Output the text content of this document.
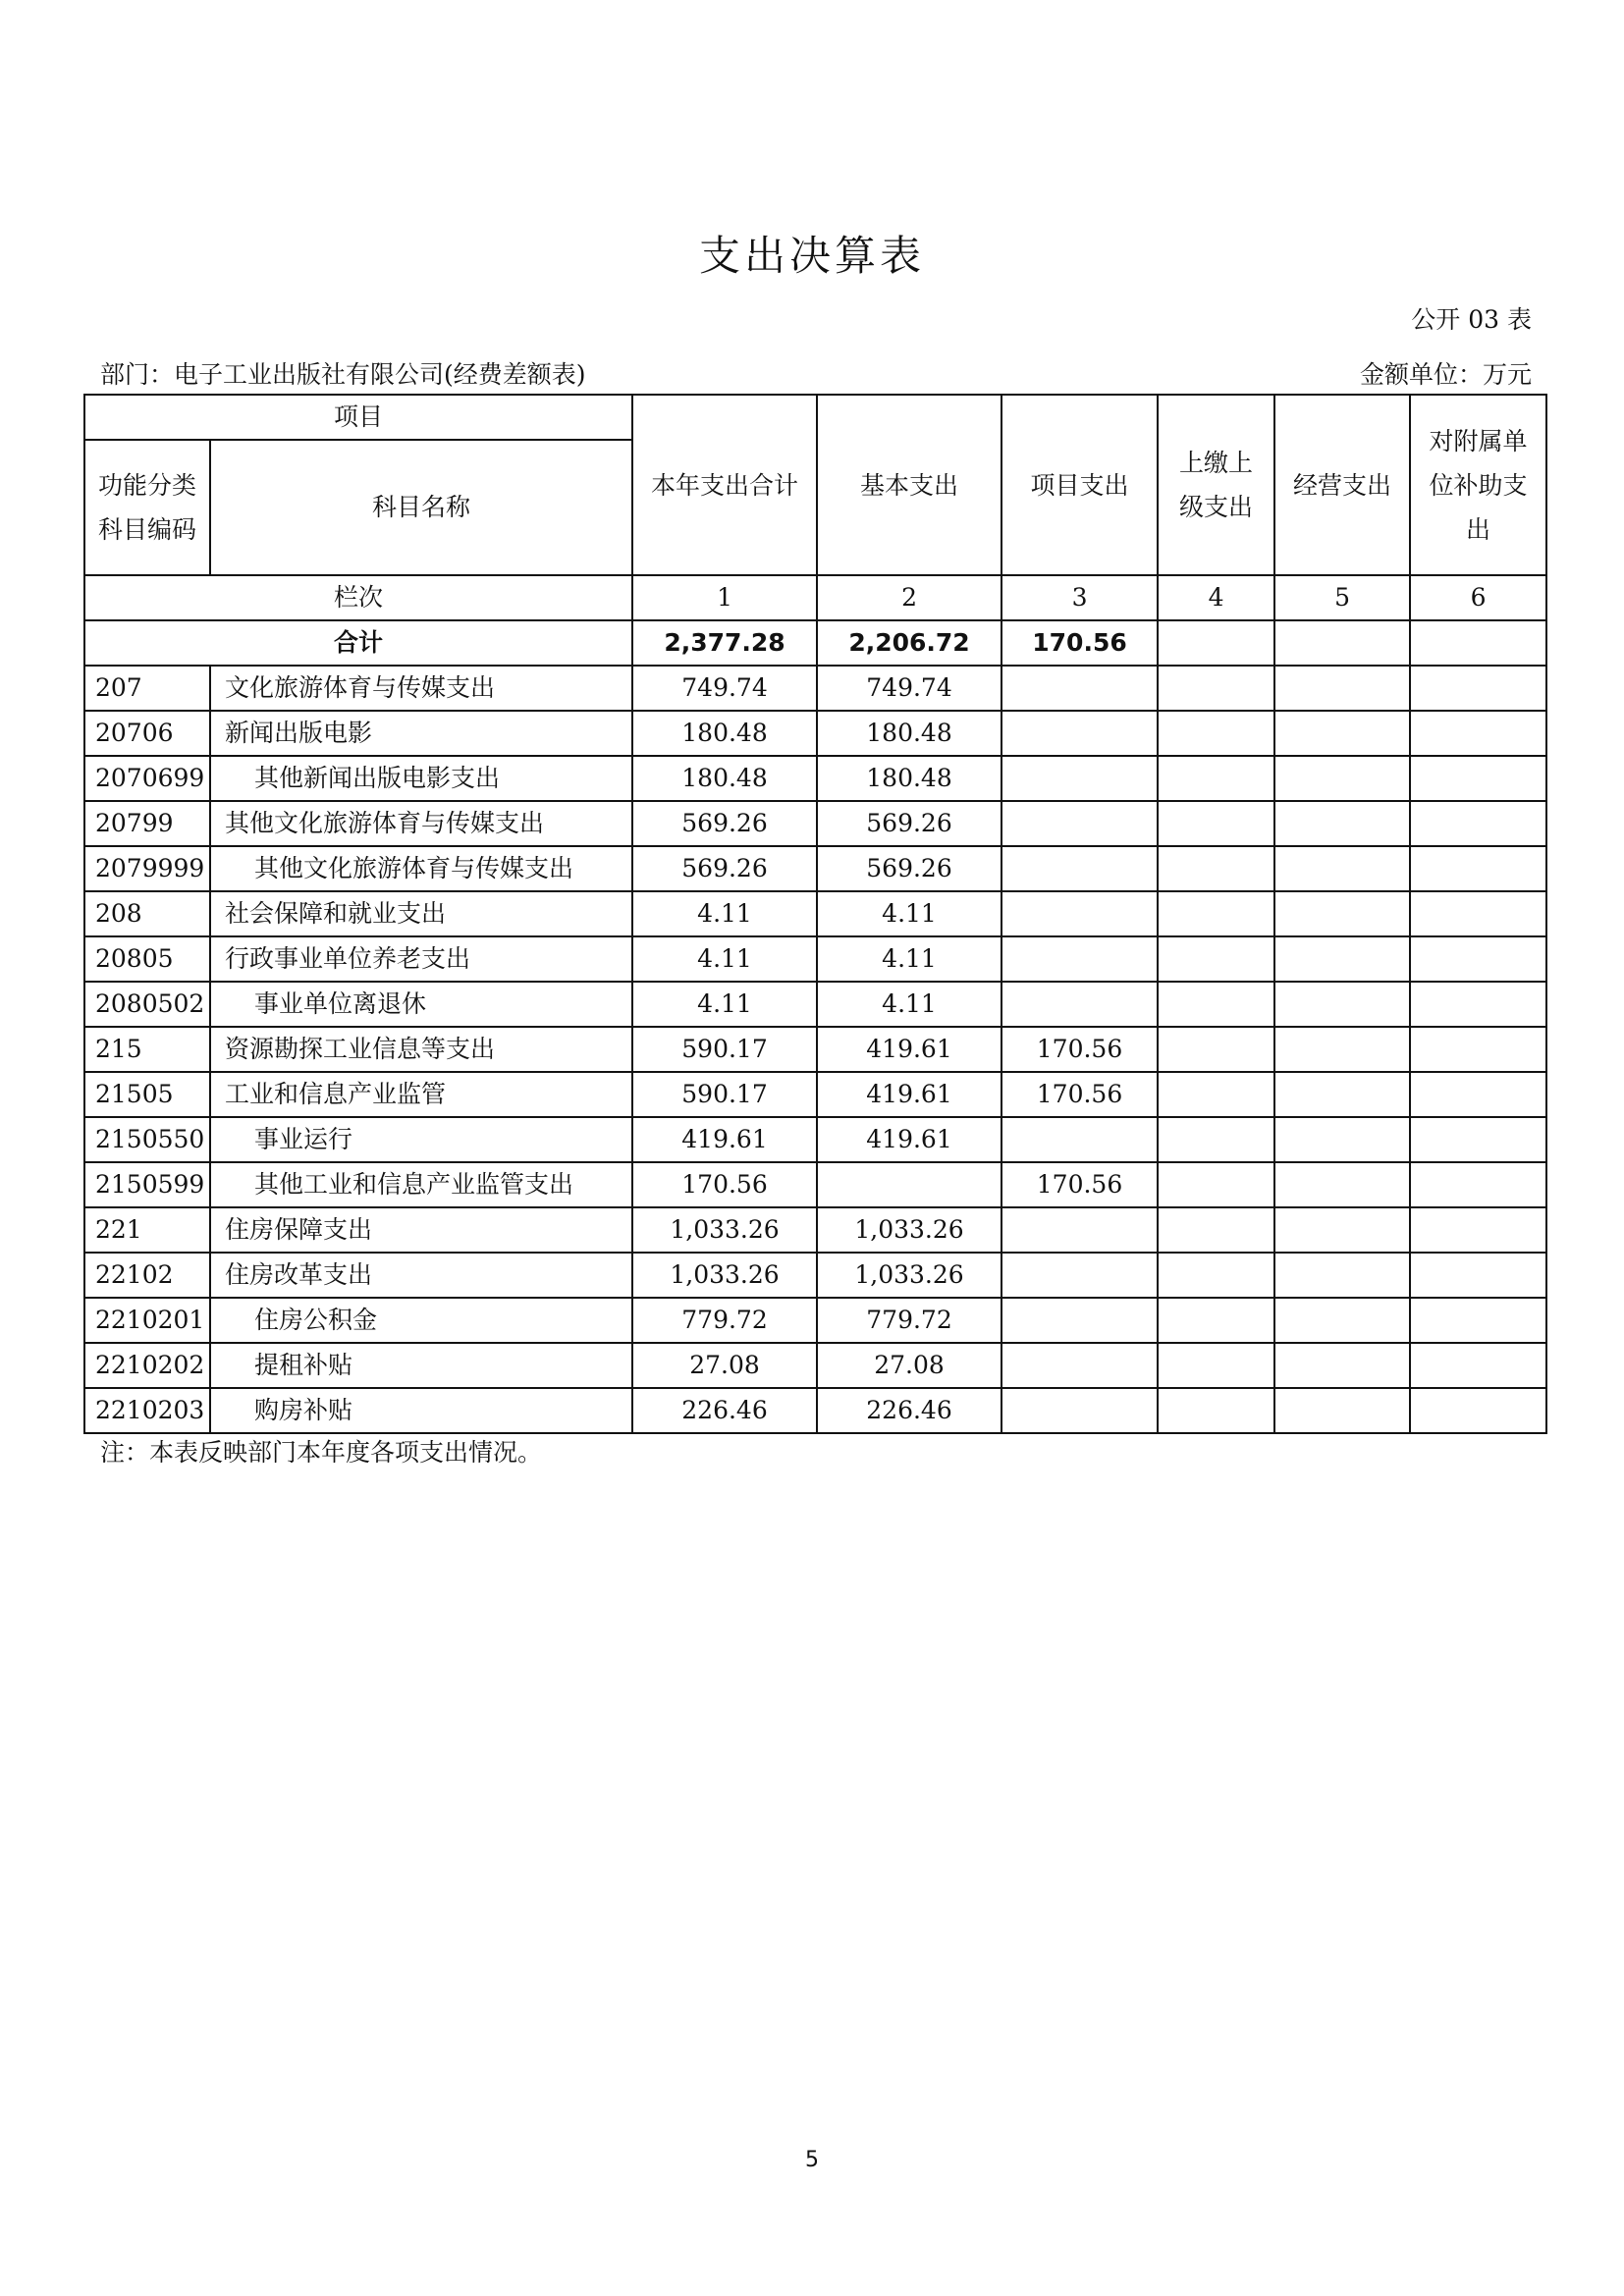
支出决算表
公开 03 表
部门：电子工业出版社有限公司(经费差额表)	金额单位：万元
项目		本年支出合计	基本支出	项目支出	上缴上级支出	经营支出	对附属单位补助支出
功能分类科目编码	科目名称						
栏次		1	2	3	4	5	6
合计		2,377.28	2,206.72	170.56			
207	文化旅游体育与传媒支出	749.74	749.74				
20706	新闻出版电影	180.48	180.48				
2070699	其他新闻出版电影支出	180.48	180.48				
20799	其他文化旅游体育与传媒支出	569.26	569.26				
2079999	其他文化旅游体育与传媒支出	569.26	569.26				
208	社会保障和就业支出	4.11	4.11				
20805	行政事业单位养老支出	4.11	4.11				
2080502	事业单位离退休	4.11	4.11				
215	资源勘探工业信息等支出	590.17	419.61	170.56			
21505	工业和信息产业监管	590.17	419.61	170.56			
2150550	事业运行	419.61	419.61				
2150599	其他工业和信息产业监管支出	170.56		170.56			
221	住房保障支出	1,033.26	1,033.26				
22102	住房改革支出	1,033.26	1,033.26				
2210201	住房公积金	779.72	779.72				
2210202	提租补贴	27.08	27.08				
2210203	购房补贴	226.46	226.46				
注：本表反映部门本年度各项支出情况。
5
